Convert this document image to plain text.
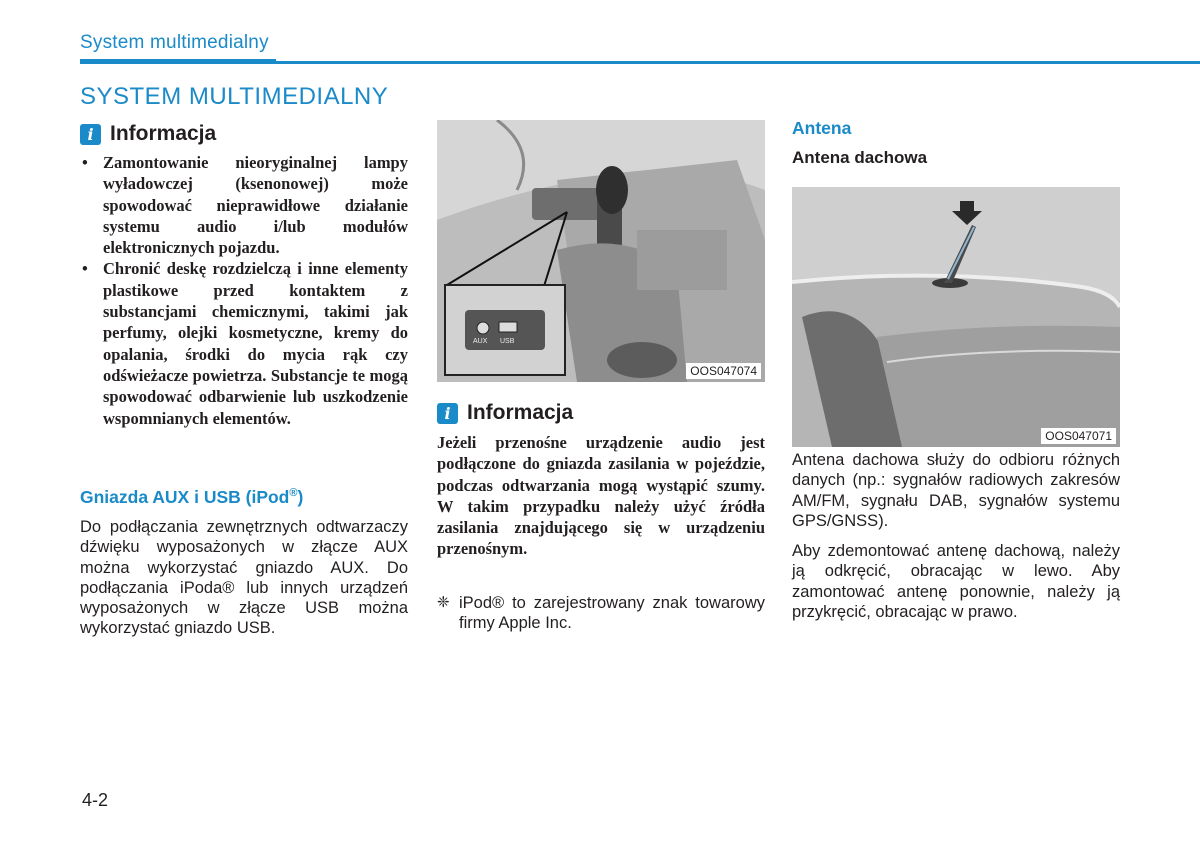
System multimedialny
SYSTEM MULTIMEDIALNY
i Informacja
• Zamontowanie nieoryginalnej lampy wyładowczej (ksenonowej) może spowodować nieprawidłowe działanie systemu audio i/lub modułów elektronicznych pojazdu.
• Chronić deskę rozdzielczą i inne elementy plastikowe przed kontaktem z substancjami chemicznymi, takimi jak perfumy, olejki kosmetyczne, kremy do opalania, środki do mycia rąk czy odświeżacze powietrza. Substancje te mogą spowodować odbarwienie lub uszkodzenie wspomnianych elementów.
Gniazda AUX i USB (iPod®)
Do podłączania zewnętrznych odtwarzaczy dźwięku wyposażonych w złącze AUX można wykorzystać gniazdo AUX. Do podłączania iPoda® lub innych urządzeń wyposażonych w złącze USB można wykorzystać gniazdo USB.
AUX USB
OOS047074
i Informacja
Jeżeli przenośne urządzenie audio jest podłączone do gniazda zasilania w pojeździe, podczas odtwarzania mogą wystąpić szumy. W takim przypadku należy użyć źródła zasilania znajdującego się w urządzeniu przenośnym.
❈ iPod® to zarejestrowany znak towarowy firmy Apple Inc.
Antena
Antena dachowa
OOS047071
Antena dachowa służy do odbioru różnych danych (np.: sygnałów radiowych zakresów AM/FM, sygnału DAB, sygnałów systemu GPS/GNSS).
Aby zdemontować antenę dachową, należy ją odkręcić, obracając w lewo. Aby zamontować antenę ponownie, należy ją przykręcić, obracając w prawo.
4-2
